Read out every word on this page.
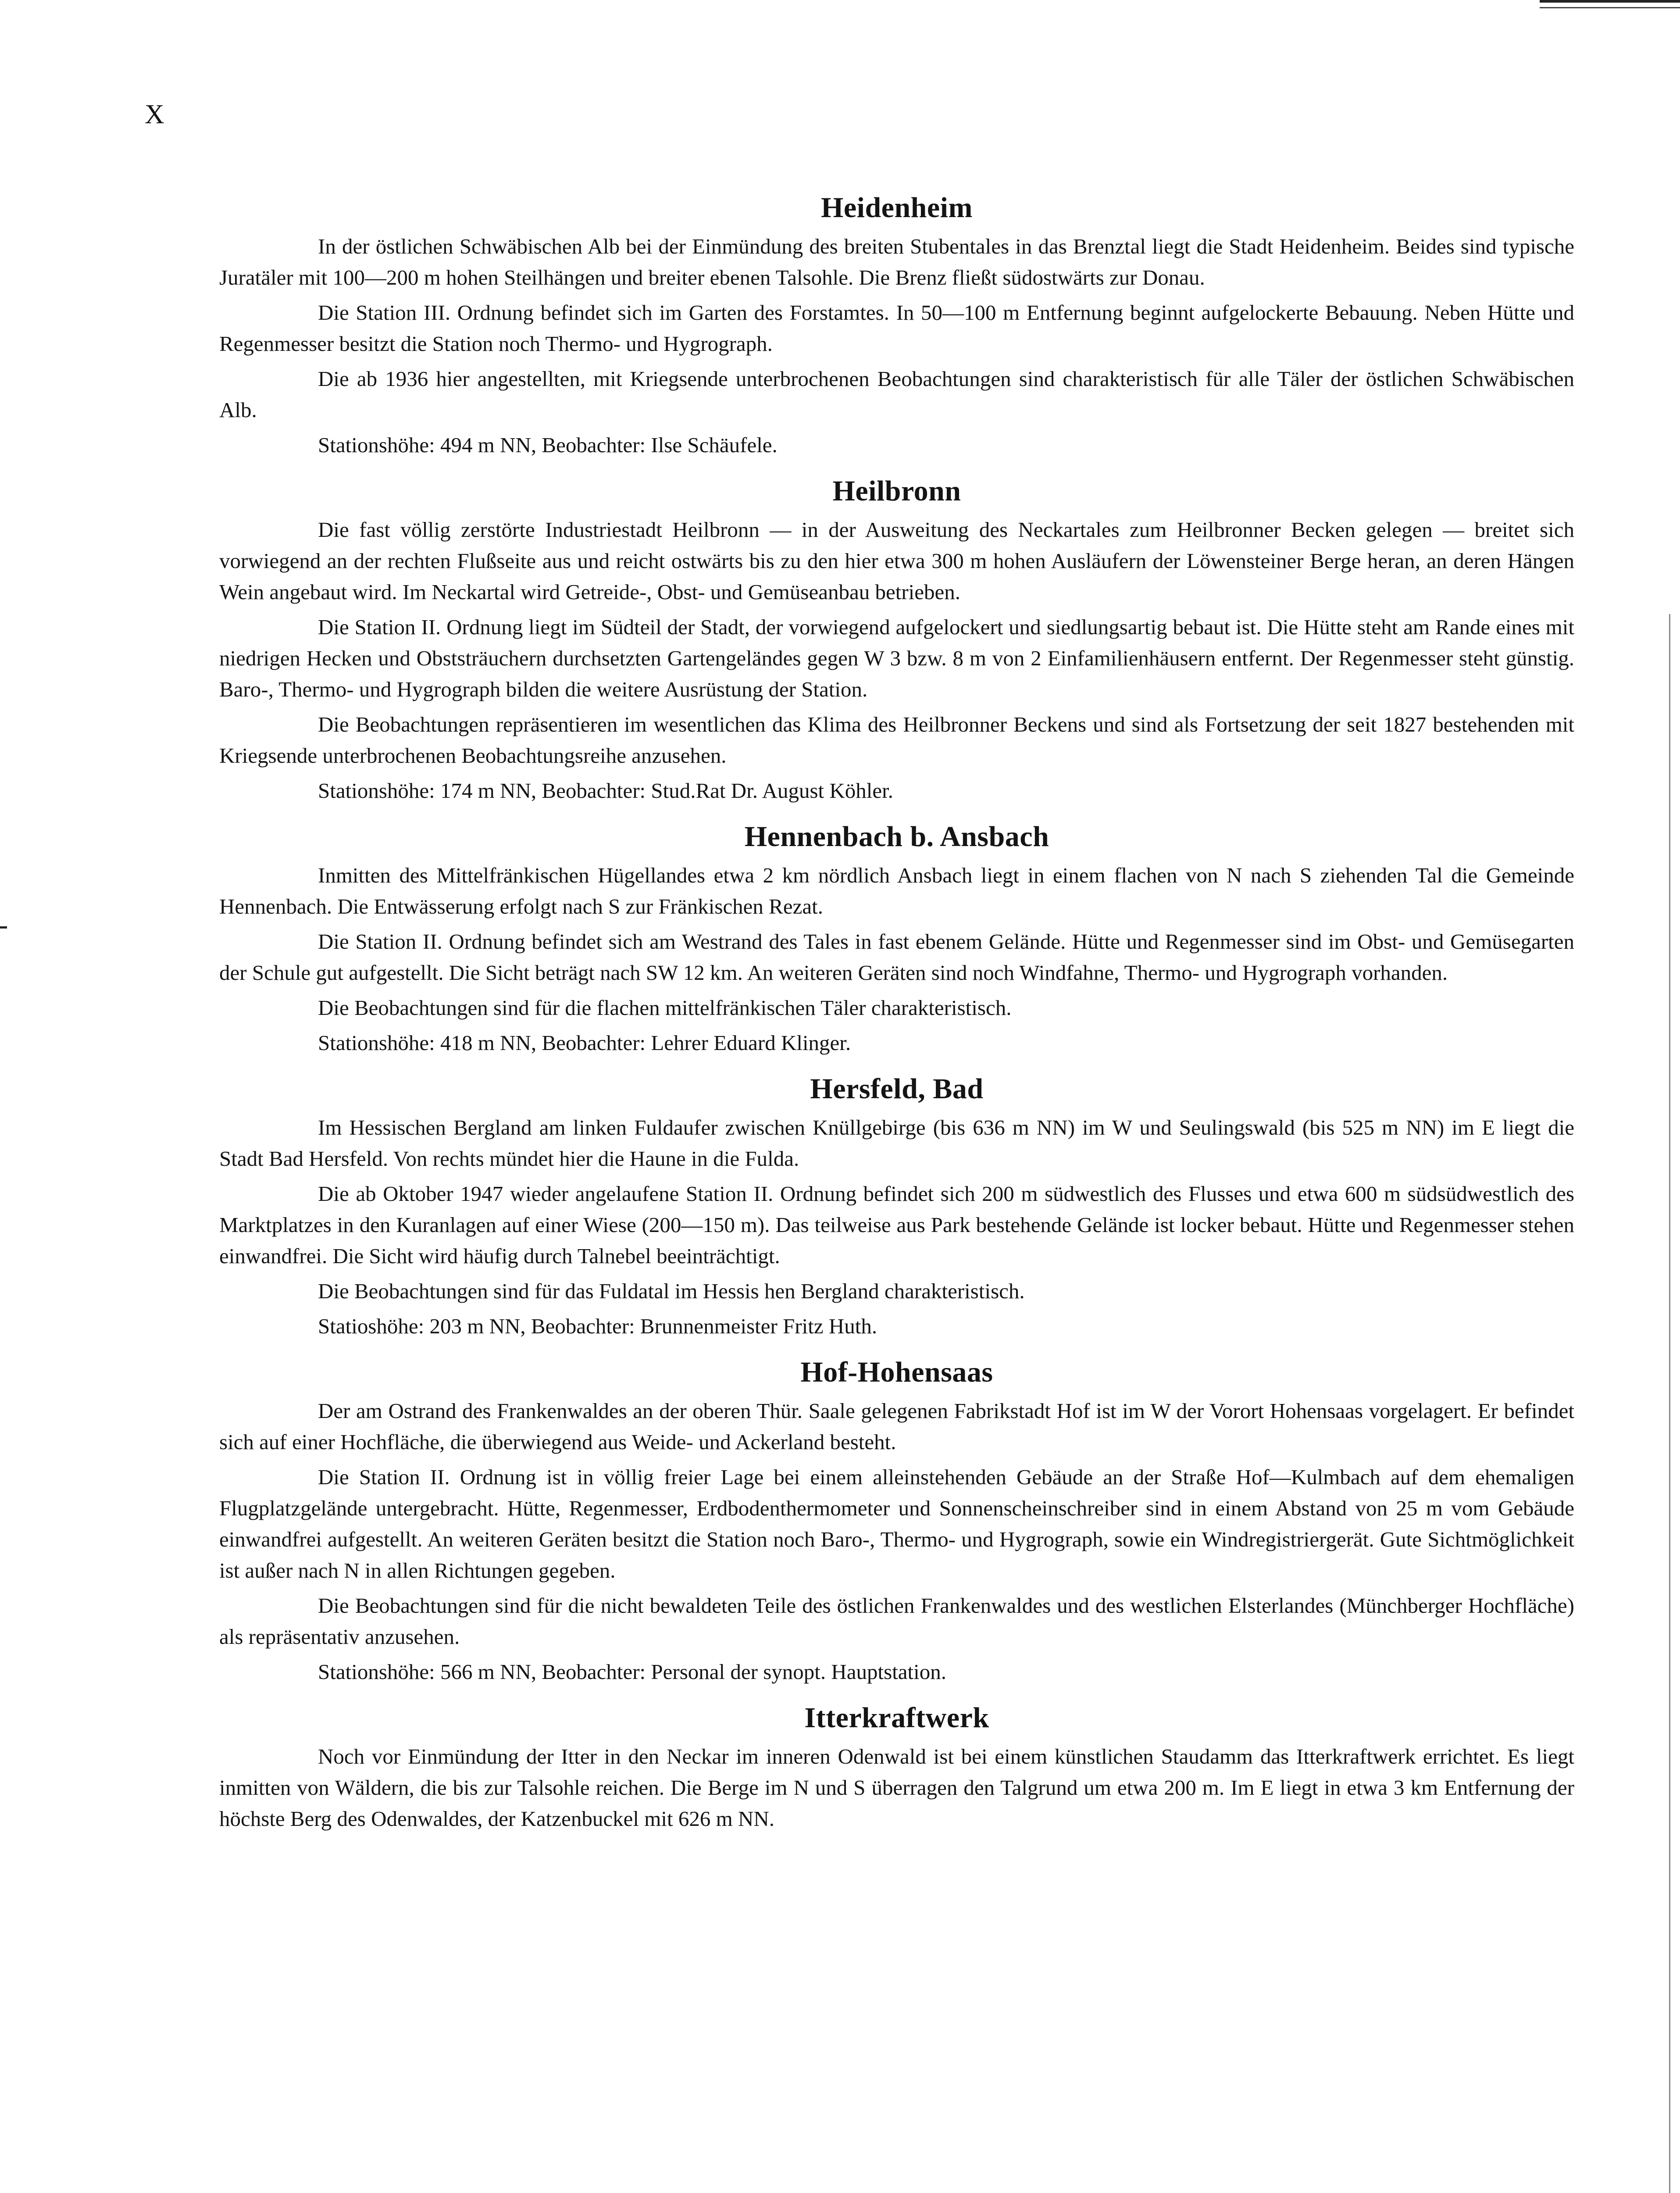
X
Heidenheim

In der östlichen Schwäbischen Alb bei der Einmündung des breiten Stubentales in das Brenztal liegt die Stadt Heidenheim. Beides sind typische Juratäler mit 100—200 m hohen Steilhängen und breiter ebenen Talsohle. Die Brenz fließt südostwärts zur Donau.

Die Station III. Ordnung befindet sich im Garten des Forstamtes. In 50—100 m Entfernung beginnt aufgelockerte Bebauung. Neben Hütte und Regenmesser besitzt die Station noch Thermo- und Hygrograph.

Die ab 1936 hier angestellten, mit Kriegsende unterbrochenen Beobachtungen sind charakteristisch für alle Täler der östlichen Schwäbischen Alb.

Stationshöhe: 494 m NN, Beobachter: Ilse Schäufele.

Heilbronn

Die fast völlig zerstörte Industriestadt Heilbronn — in der Ausweitung des Neckartales zum Heilbronner Becken gelegen — breitet sich vorwiegend an der rechten Flußseite aus und reicht ostwärts bis zu den hier etwa 300 m hohen Ausläufern der Löwensteiner Berge heran, an deren Hängen Wein angebaut wird. Im Neckartal wird Getreide-, Obst- und Gemüseanbau betrieben.

Die Station II. Ordnung liegt im Südteil der Stadt, der vorwiegend aufgelockert und siedlungsartig bebaut ist. Die Hütte steht am Rande eines mit niedrigen Hecken und Obststräuchern durchsetzten Gartengeländes gegen W 3 bzw. 8 m von 2 Einfamilienhäusern entfernt. Der Regenmesser steht günstig. Baro-, Thermo- und Hygrograph bilden die weitere Ausrüstung der Station.

Die Beobachtungen repräsentieren im wesentlichen das Klima des Heilbronner Beckens und sind als Fortsetzung der seit 1827 bestehenden mit Kriegsende unterbrochenen Beobachtungsreihe anzusehen.

Stationshöhe: 174 m NN, Beobachter: Stud.Rat Dr. August Köhler.

Hennenbach b. Ansbach

Inmitten des Mittelfränkischen Hügellandes etwa 2 km nördlich Ansbach liegt in einem flachen von N nach S ziehenden Tal die Gemeinde Hennenbach. Die Entwässerung erfolgt nach S zur Fränkischen Rezat.

Die Station II. Ordnung befindet sich am Westrand des Tales in fast ebenem Gelände. Hütte und Regenmesser sind im Obst- und Gemüsegarten der Schule gut aufgestellt. Die Sicht beträgt nach SW 12 km. An weiteren Geräten sind noch Windfahne, Thermo- und Hygrograph vorhanden.

Die Beobachtungen sind für die flachen mittelfränkischen Täler charakteristisch.

Stationshöhe: 418 m NN, Beobachter: Lehrer Eduard Klinger.

Hersfeld, Bad

Im Hessischen Bergland am linken Fuldaufer zwischen Knüllgebirge (bis 636 m NN) im W und Seulingswald (bis 525 m NN) im E liegt die Stadt Bad Hersfeld. Von rechts mündet hier die Haune in die Fulda.

Die ab Oktober 1947 wieder angelaufene Station II. Ordnung befindet sich 200 m südwestlich des Flusses und etwa 600 m südsüdwestlich des Marktplatzes in den Kuranlagen auf einer Wiese (200—150 m). Das teilweise aus Park bestehende Gelände ist locker bebaut. Hütte und Regenmesser stehen einwandfrei. Die Sicht wird häufig durch Talnebel beeinträchtigt.

Die Beobachtungen sind für das Fuldatal im Hessis hen Bergland charakteristisch.

Statioshöhe: 203 m NN, Beobachter: Brunnenmeister Fritz Huth.

Hof-Hohensaas

Der am Ostrand des Frankenwaldes an der oberen Thür. Saale gelegenen Fabrikstadt Hof ist im W der Vorort Hohensaas vorgelagert. Er befindet sich auf einer Hochfläche, die überwiegend aus Weide- und Ackerland besteht.

Die Station II. Ordnung ist in völlig freier Lage bei einem alleinstehenden Gebäude an der Straße Hof—Kulmbach auf dem ehemaligen Flugplatzgelände untergebracht. Hütte, Regenmesser, Erdbodenthermometer und Sonnenscheinschreiber sind in einem Abstand von 25 m vom Gebäude einwandfrei aufgestellt. An weiteren Geräten besitzt die Station noch Baro-, Thermo- und Hygrograph, sowie ein Windregistriergerät. Gute Sichtmöglichkeit ist außer nach N in allen Richtungen gegeben.

Die Beobachtungen sind für die nicht bewaldeten Teile des östlichen Frankenwaldes und des westlichen Elsterlandes (Münchberger Hochfläche) als repräsentativ anzusehen.

Stationshöhe: 566 m NN, Beobachter: Personal der synopt. Hauptstation.

Itterkraftwerk

Noch vor Einmündung der Itter in den Neckar im inneren Odenwald ist bei einem künstlichen Staudamm das Itterkraftwerk errichtet. Es liegt inmitten von Wäldern, die bis zur Talsohle reichen. Die Berge im N und S überragen den Talgrund um etwa 200 m. Im E liegt in etwa 3 km Entfernung der höchste Berg des Odenwaldes, der Katzenbuckel mit 626 m NN.
